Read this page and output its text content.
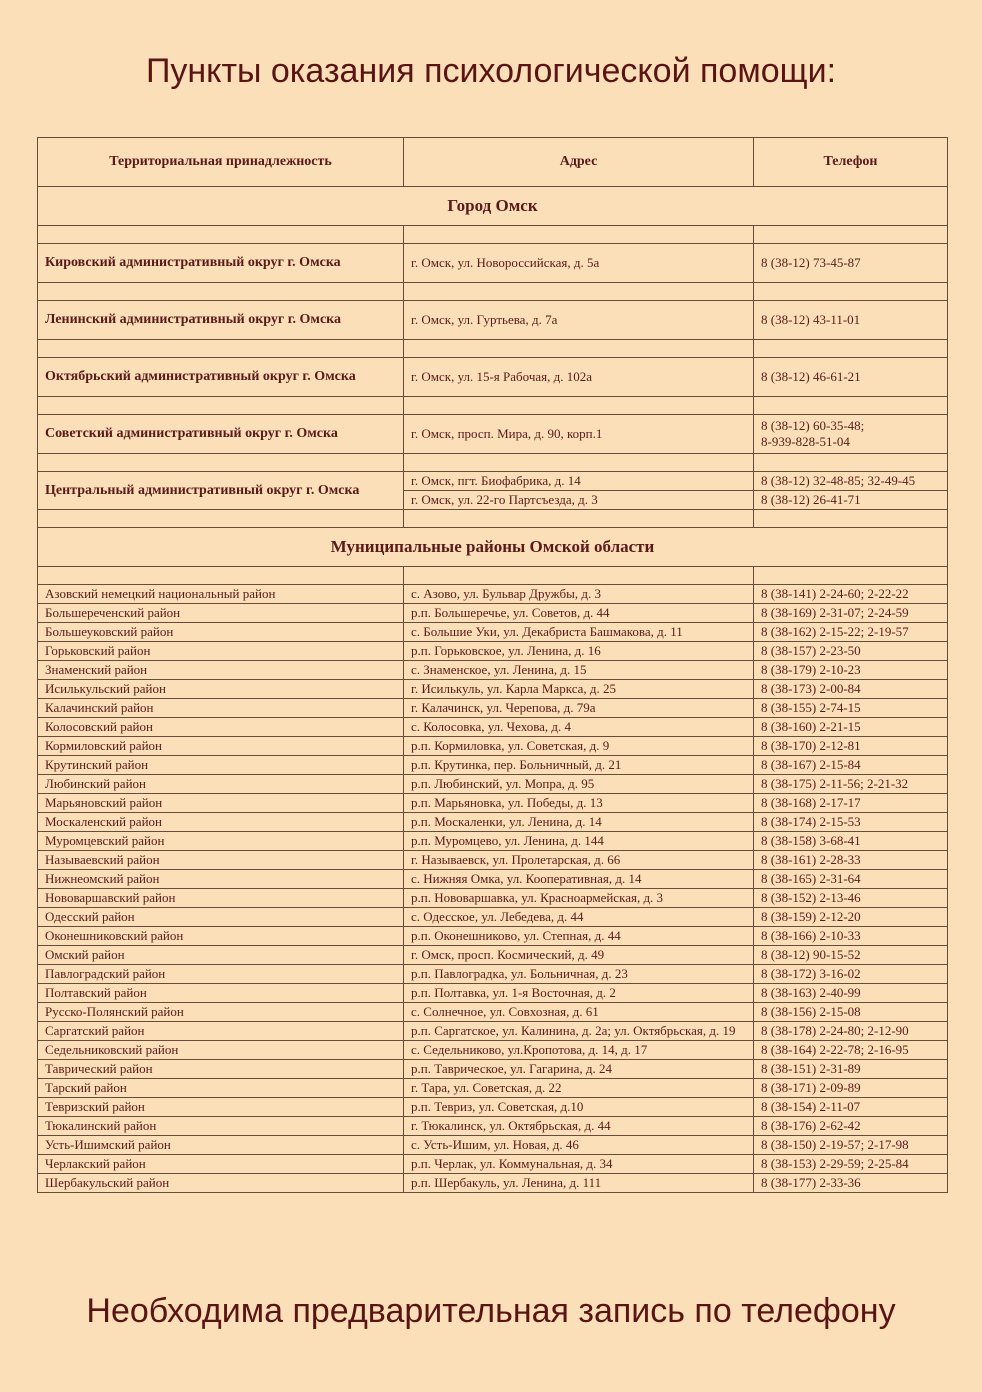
Пункты оказания психологической помощи:
Территориальная принадлежность	Адрес	Телефон
Город Омск		

Кировский административный округ г. Омска	г. Омск, ул. Новороссийская, д. 5а	8 (38-12) 73-45-87

Ленинский административный округ г. Омска	г. Омск, ул. Гуртьева, д. 7а	8 (38-12) 43-11-01

Октябрьский административный округ г. Омска	г. Омск, ул. 15-я Рабочая, д. 102а	8 (38-12) 46-61-21

Советский административный округ г. Омска	г. Омск, просп. Мира, д. 90, корп.1	8 (38-12) 60-35-48;
8-939-828-51-04

Центральный административный округ г. Омска	г. Омск, пгт. Биофабрика, д. 14	8 (38-12) 32-48-85; 32-49-45
	г. Омск, ул. 22-го Партсъезда, д. 3	8 (38-12) 26-41-71

Муниципальные районы Омской области		

Азовский немецкий национальный район	с. Азово, ул. Бульвар Дружбы, д. 3	8 (38-141) 2-24-60; 2-22-22
Большереченский район	р.п. Большеречье, ул. Советов, д. 44	8 (38-169) 2-31-07; 2-24-59
Большеуковский район	с. Большие Уки, ул. Декабриста Башмакова, д. 11	8 (38-162) 2-15-22; 2-19-57
Горьковский район	р.п. Горьковское, ул. Ленина, д. 16	8 (38-157) 2-23-50
Знаменский район	с. Знаменское, ул. Ленина, д. 15	8 (38-179) 2-10-23
Исилькульский район	г. Исилькуль, ул. Карла Маркса, д. 25	8 (38-173) 2-00-84
Калачинский район	г. Калачинск, ул. Черепова, д. 79а	8 (38-155) 2-74-15
Колосовский район	с. Колосовка, ул. Чехова, д. 4	8 (38-160) 2-21-15
Кормиловский район	р.п. Кормиловка, ул. Советская, д. 9	8 (38-170) 2-12-81
Крутинский район	р.п. Крутинка, пер. Больничный, д. 21	8 (38-167) 2-15-84
Любинский район	р.п. Любинский, ул. Мопра, д. 95	8 (38-175) 2-11-56; 2-21-32
Марьяновский район	р.п. Марьяновка, ул. Победы, д. 13	8 (38-168) 2-17-17
Москаленский район	р.п. Москаленки, ул. Ленина, д. 14	8 (38-174) 2-15-53
Муромцевский район	р.п. Муромцево, ул. Ленина, д. 144	8 (38-158) 3-68-41
Называевский район	г. Называевск, ул. Пролетарская, д. 66	8 (38-161) 2-28-33
Нижнеомский район	с. Нижняя Омка, ул. Кооперативная, д. 14	8 (38-165) 2-31-64
Нововаршавский район	р.п. Нововаршавка, ул. Красноармейская, д. 3	8 (38-152) 2-13-46
Одесский район	с. Одесское, ул. Лебедева, д. 44	8 (38-159) 2-12-20
Оконешниковский район	р.п. Оконешниково, ул. Степная, д. 44	8 (38-166) 2-10-33
Омский район	г. Омск, просп. Космический, д. 49	8 (38-12) 90-15-52
Павлоградский район	р.п. Павлоградка, ул. Больничная, д. 23	8 (38-172) 3-16-02
Полтавский район	р.п. Полтавка, ул. 1-я Восточная, д. 2	8 (38-163) 2-40-99
Русско-Полянский район	с. Солнечное, ул. Совхозная, д. 61	8 (38-156) 2-15-08
Саргатский район	р.п. Саргатское, ул. Калинина, д. 2а; ул. Октябрьская, д. 19	8 (38-178) 2-24-80; 2-12-90
Седельниковский район	с. Седельниково, ул.Кропотова, д. 14, д. 17	8 (38-164) 2-22-78; 2-16-95
Таврический район	р.п. Таврическое, ул. Гагарина, д. 24	8 (38-151) 2-31-89
Тарский район	г. Тара, ул. Советская, д. 22	8 (38-171) 2-09-89
Тевризский район	р.п. Тевриз, ул. Советская, д.10	8 (38-154) 2-11-07
Тюкалинский район	г. Тюкалинск, ул. Октябрьская, д. 44	8 (38-176) 2-62-42
Усть-Ишимский район	с. Усть-Ишим, ул. Новая, д. 46	8 (38-150) 2-19-57; 2-17-98
Черлакский район	р.п. Черлак, ул. Коммунальная, д. 34	8 (38-153) 2-29-59; 2-25-84
Шербакульский район	р.п. Шербакуль, ул. Ленина, д. 111	8 (38-177) 2-33-36
Необходима предварительная запись по телефону
